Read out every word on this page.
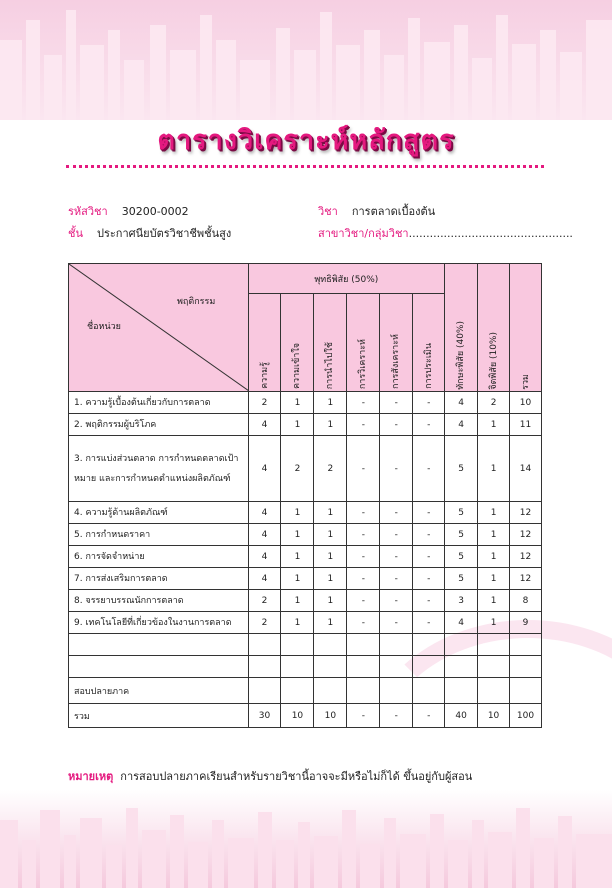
ตารางวิเคราะห์หลักสูตร
รหัสวิชา 30200-0002	วิชา การตลาดเบื้องต้น
ชั้น ประกาศนียบัตรวิชาชีพชั้นสูง	สาขาวิชา/กลุ่มวิชา...............................................
พฤติกรรม
ชื่อหน่วย	พุทธิพิสัย (50%)						ทักษะพิสัย (40%)	จิตพิสัย (10%)	รวม

	ความรู้	ความเข้าใจ	การนำไปใช้	การวิเคราะห์	การสังเคราะห์	การประเมิน			

1. ความรู้เบื้องต้นเกี่ยวกับการตลาด	2	1	1	-	-	-	4	2	10
2. พฤติกรรมผู้บริโภค	4	1	1	-	-	-	4	1	11
3. การแบ่งส่วนตลาด การกำหนดตลาดเป้าหมาย และการกำหนดตำแหน่งผลิตภัณฑ์	4	2	2	-	-	-	5	1	14
4. ความรู้ด้านผลิตภัณฑ์	4	1	1	-	-	-	5	1	12
5. การกำหนดราคา	4	1	1	-	-	-	5	1	12
6. การจัดจำหน่าย	4	1	1	-	-	-	5	1	12
7. การส่งเสริมการตลาด	4	1	1	-	-	-	5	1	12
8. จรรยาบรรณนักการตลาด	2	1	1	-	-	-	3	1	8
9. เทคโนโลยีที่เกี่ยวข้องในงานการตลาด	2	1	1	-	-	-	4	1	9

สอบปลายภาค									
รวม	30	10	10	-	-	-	40	10	100
หมายเหตุ การสอบปลายภาคเรียนสำหรับรายวิชานี้อาจจะมีหรือไม่ก็ได้ ขึ้นอยู่กับผู้สอน
